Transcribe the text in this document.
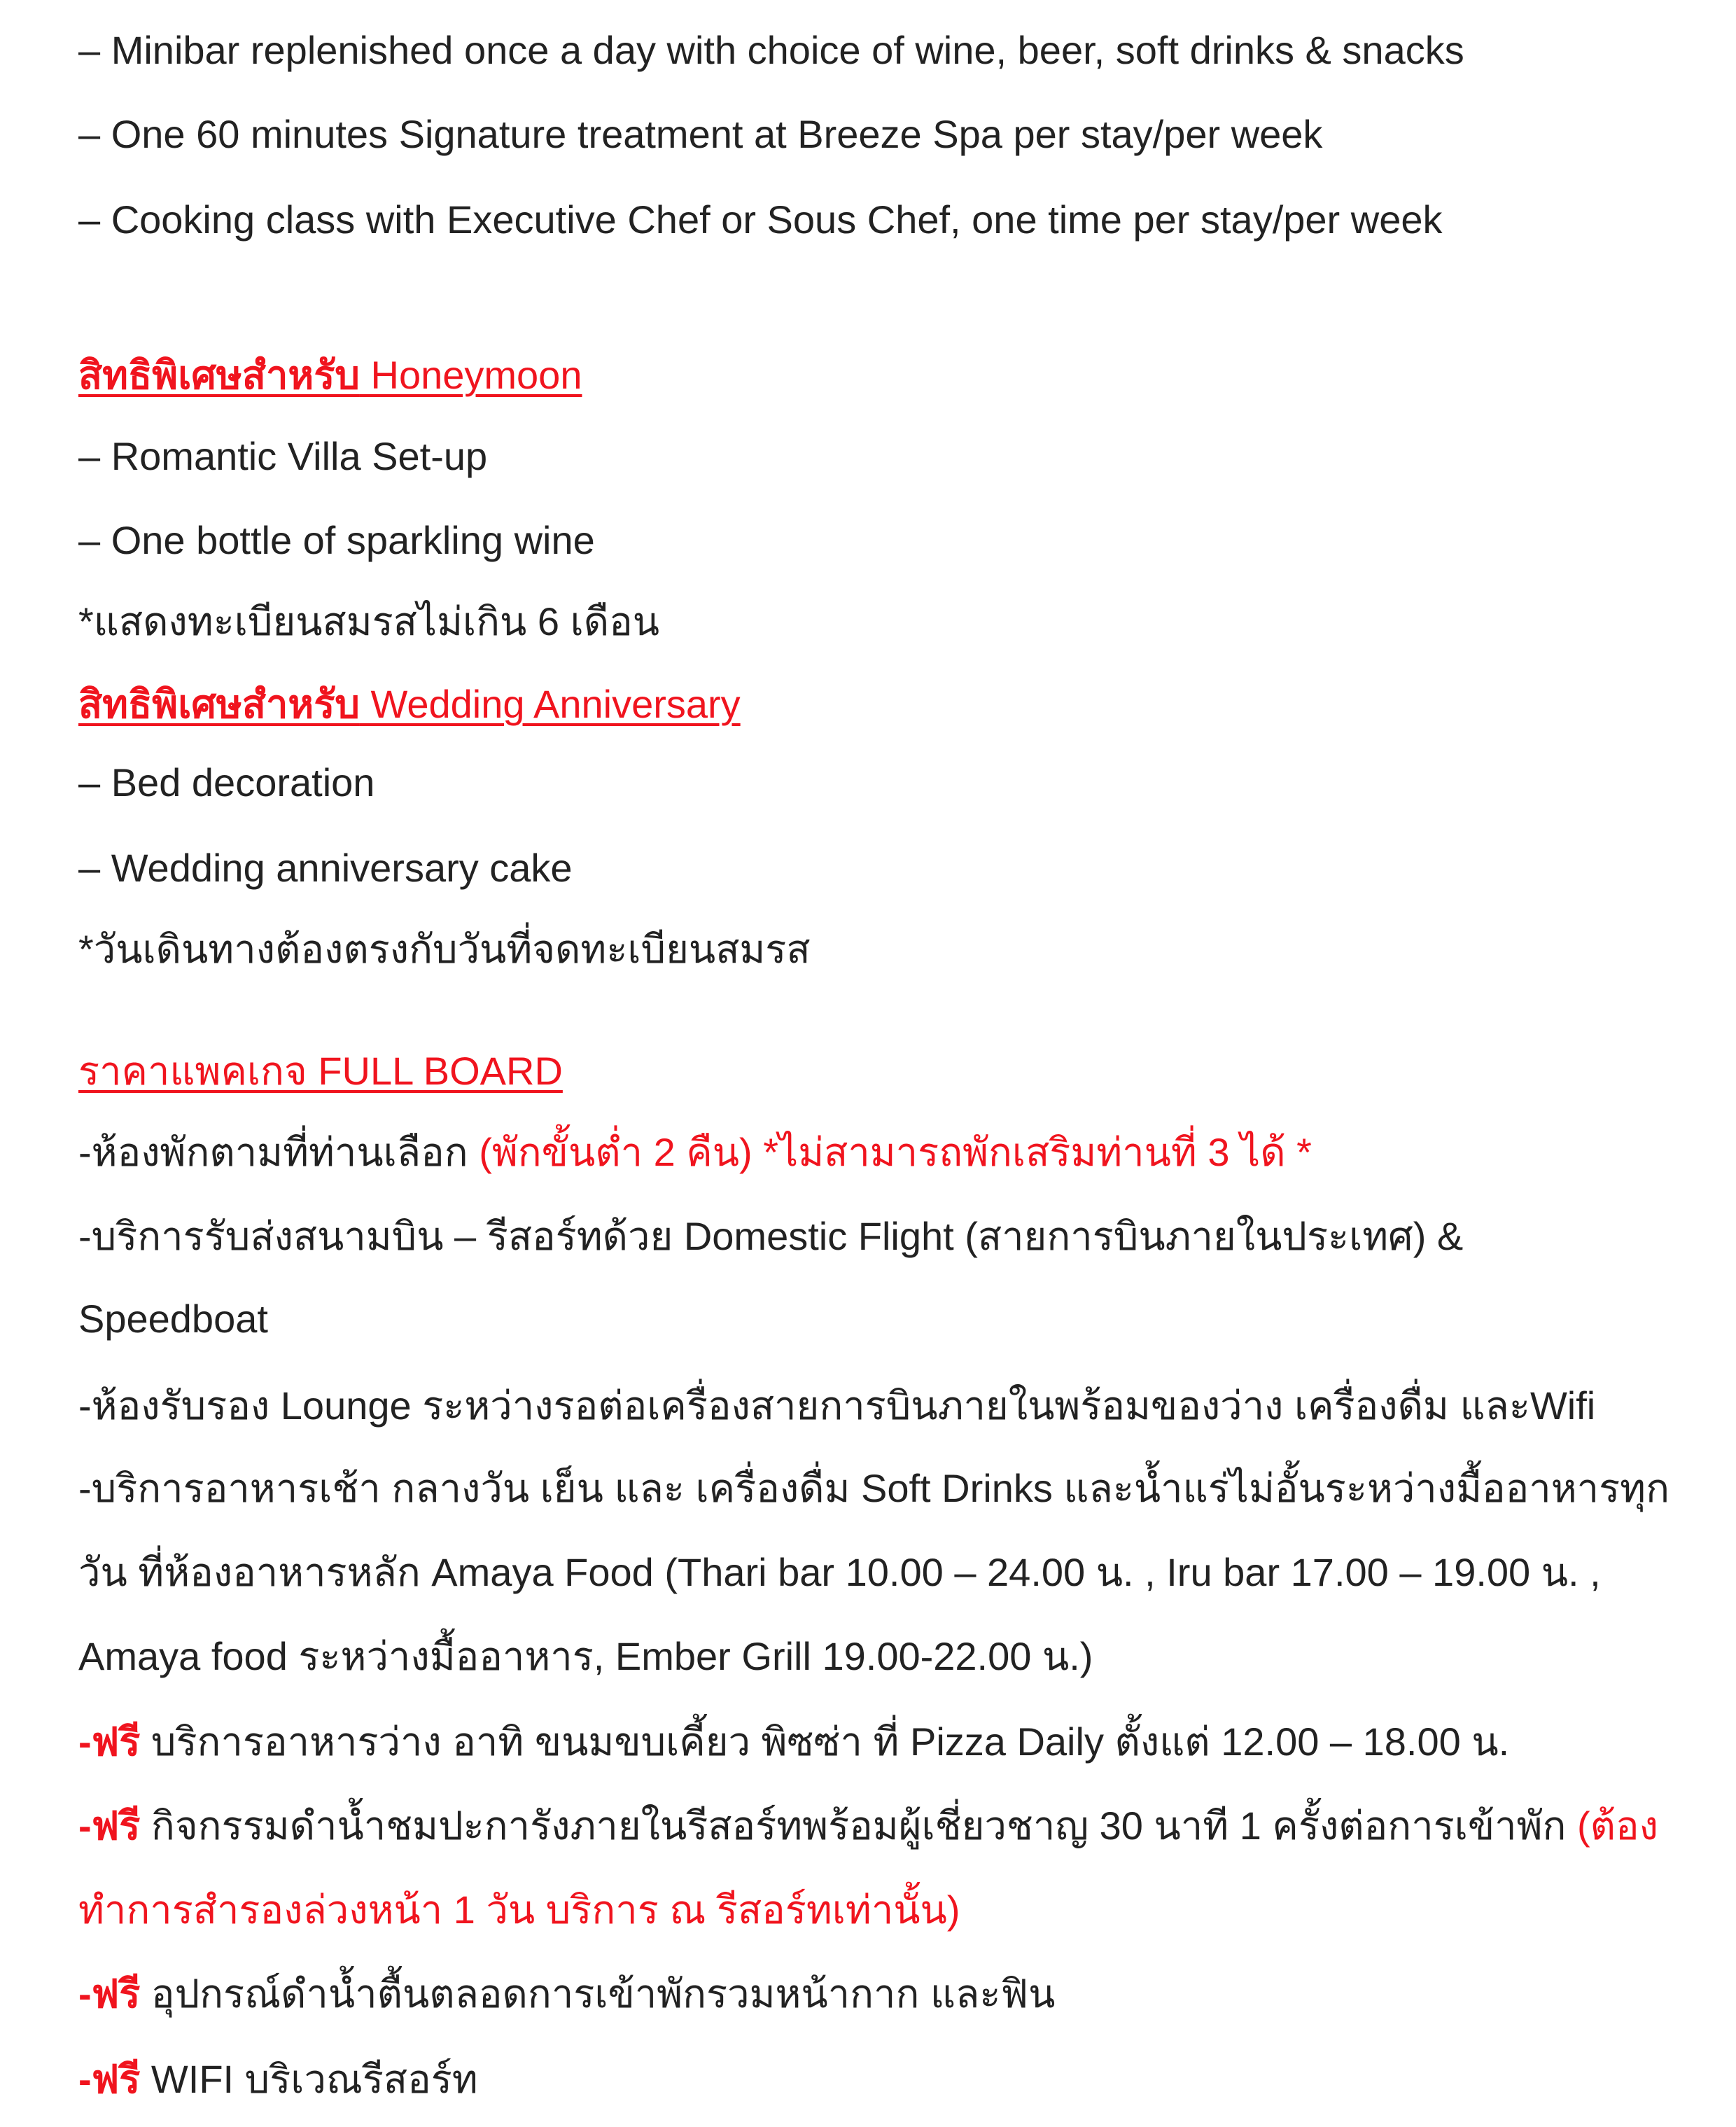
– Minibar replenished once a day with choice of wine, beer, soft drinks & snacks
– One 60 minutes Signature treatment at Breeze Spa per stay/per week
– Cooking class with Executive Chef or Sous Chef, one time per stay/per week
สิทธิพิเศษสำหรับ Honeymoon
– Romantic Villa Set-up
– One bottle of sparkling wine
*แสดงทะเบียนสมรสไม่เกิน 6 เดือน
สิทธิพิเศษสำหรับ Wedding Anniversary
– Bed decoration
– Wedding anniversary cake
*วันเดินทางต้องตรงกับวันที่จดทะเบียนสมรส
ราคาแพคเกจ FULL BOARD
-ห้องพักตามที่ท่านเลือก (พักขั้นต่ำ 2 คืน) *ไม่สามารถพักเสริมท่านที่ 3 ได้ *
-บริการรับส่งสนามบิน – รีสอร์ทด้วย Domestic Flight (สายการบินภายในประเทศ) &
Speedboat
-ห้องรับรอง Lounge ระหว่างรอต่อเครื่องสายการบินภายในพร้อมของว่าง เครื่องดื่ม และWifi
-บริการอาหารเช้า กลางวัน เย็น และ เครื่องดื่ม Soft Drinks และน้ำแร่ไม่อั้นระหว่างมื้ออาหารทุก
วัน ที่ห้องอาหารหลัก Amaya Food (Thari bar 10.00 – 24.00 น. , Iru bar 17.00 – 19.00 น. ,
Amaya food ระหว่างมื้ออาหาร, Ember Grill 19.00-22.00 น.)
-ฟรี บริการอาหารว่าง อาทิ ขนมขบเคี้ยว พิซซ่า ที่ Pizza Daily ตั้งแต่ 12.00 – 18.00 น.
-ฟรี กิจกรรมดำน้ำชมปะการังภายในรีสอร์ทพร้อมผู้เชี่ยวชาญ 30 นาที 1 ครั้งต่อการเข้าพัก (ต้อง
ทำการสำรองล่วงหน้า 1 วัน บริการ ณ รีสอร์ทเท่านั้น)
-ฟรี อุปกรณ์ดำน้ำตื้นตลอดการเข้าพักรวมหน้ากาก และฟิน
-ฟรี WIFI บริเวณรีสอร์ท
